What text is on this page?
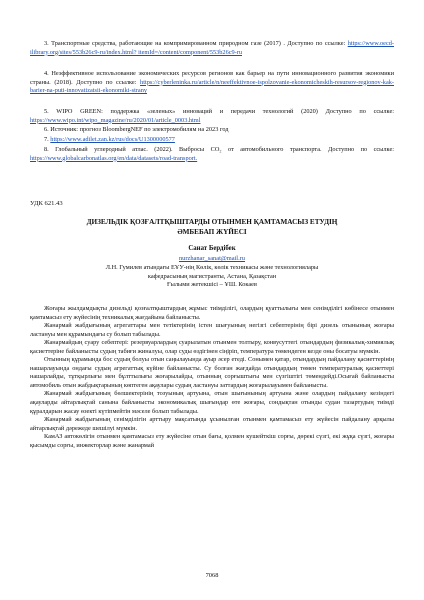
3. Транспортные средства, работающие на компримированном природном газе (2017) . Доступно по ссылке: https://www.oecd-ilibrary.org/sites/553b26c9-ru/index.html? itemId=/content/component/553b26c9-ru
4. Неэффективное использование экономических ресурсов регионов как барьер на пути инновационного развития экономики страны. (2018). Доступно по ссылке: https://cyberleninka.ru/article/n/neeffektivnoe-ispolzovanie-ekonomicheskih-resursov-regionov-kak-barier-na-puti-innovatizatsii-ekonomiki-strany
5. WIPO GREEN: поддержка «зеленых» инноваций и передачи технологий (2020) Доступно по ссылке: https://www.wipo.int/wipo_magazine/ru/2020/01/article_0003.html
6. Источник: прогноз BloombergNEF по электромобилям на 2023 год
7. https://www.adilet.zan.kz/rus/docs/U1300000577
8. Глобальный углеродный атлас. (2022). Выбросы CO₂ от автомобильного транспорта. Доступно по ссылке: https://www.globalcarbonatlas.org/en/data/datasets/road-transport.
УДК 621.43
ДИЗЕЛЬДІК ҚОЗҒАЛТҚЫШТАРДЫ ОТЫНМЕН ҚАМТАМАСЫЗ ЕТУДІҢ
ӘМБЕБАП ЖҮЙЕСІ
Санат Бердібек
nurzhanar_sanat@mail.ru
Л.Н. Гумилев атындағы ЕҰУ-нің Көлік, көлік техникасы және технологиялары
кафедрасының магистранты, Астана, Қазақстан
Ғылыми жетекшісі – ҰШ. Кокаев

Жоғары жылдамдықты дизельді қозғалтқыштардың жұмыс тиімділігі, олардың қуаттылығы мен сенімділігі көбінесе отынмен қамтамасыз ету жүйесінің техникалық жағдайына байланысты.

Жанармай жабдығының агрегаттары мен тетіктерінің істен шығуының негізгі себептерінің бірі дизель отынының жоғары ластануы мен құрамындағы су болып табылады.

Жанармайдың суару себептері: резервуарлардың суарылатын отынмен толтыру, конвусуттегі отындардың физикалық-химиялық қасиеттеріне байланысты судың табиғи жиналуы, олар суды өздігінен сіңіріп, температура төмендеген кезде оны босатуы мүмкін.

Отынның құрамында бос судың болуы отын саңылауында ауыр әсер етеді. Сонымен қатар, отындардың пайдалану қасиеттерінің нашарлауында ондағы судың агрегаттық күйіне байланысты. Су болған жағдайда отындардың төмен температуралық қасиеттері нашарлайды, тұтқырлығы мен бұлттылығы жоғарылайды, отынның сорғыштығы мен сүзгіштігі төмендейді.Осығай байланысты автомобиль отын жабдықтарының көптеген ақаулары судың ластануы заттардың жоғарылауымен байланысты.

Жанармай жабдығының бөлшектерінің тозуының артуына, отын шығынының артуына және олардың пайдалану кезіндегі ақауларды айтарлықтай санына байланысты экономикалық шығындар өте жоғары, сондықтан отынды судан тазартудың тиімді құралдарын жасау өзекті күтіпмейтін мәселе болып табылады.

Жанармай жабдығының сенімділігін арттыру мақсатында ұсынылған отынмен қамтамасыз ету жүйесін пайдалану арқылы айтарлықтай дәрежеде шешілуі мүмкін.

КамАЗ автокөлігін отынмен қамтамасыз ету жүйесіне отын бағы, қолмен кушейткіш сорғы, дөрекі сүзгі, екі жұқа сүзгі, жоғары қысымды сорғы, инжекторлар және жанармай

7068
